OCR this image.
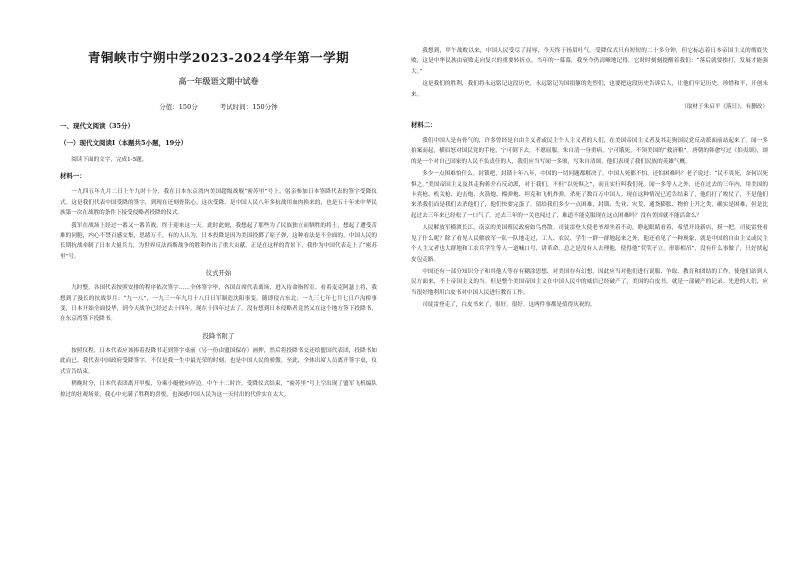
青铜峡市宁朔中学2023-2024学年第一学期
高一年级语文期中试卷
分值：150分 考试时间：150分钟
一、现代文阅读（35分）
（一）现代文阅读Ⅰ（本题共5小题，19分）
阅读下面的文字，完成1-5题。
材料一：
一九四五年九月二日上午九时十分，我在日本东京湾内美国超级战舰“密苏里”号上，躬亲参加日本签降代表的签字受降仪式。这是我们代表中国受降的签字，到现在还刻骨铭心。这次受降，是中国人民八年多抗战用血肉换来的，也是五十年来中华民族第一次在战胜的条件下接受侵略者投降的仪式。
我军在战场上经过一番又一番苦战，终于迎来这一天。此时此刻，我想起了那些为了民族独立而牺牲的将士，想起了遭受苦难的同胞，内心不禁百感交集，思绪万千。有的人认为，日本投降是因为美国投掷了原子弹，这种看法是不全面的，中国人民的长期抗战牵制了日本大量兵力，为世界反法西斯战争的胜利作出了重大贡献。正是在这样的背景下，我作为中国代表走上了“密苏里”号。
仪式开始
九时整，各国代表按照安排的程序依次签字……全体签字毕，各国首席代表离场，进入待命指挥室。看着麦克阿瑟上将，我想到了漫长的抗战岁月：“九一八”，一九三一年九月十八日日军制造沈阳事变，随即侵占东北；一九三七年七月七日卢沟桥事变，日本开始全面侵华，到今天战争已经过去十四年。现在十四年过去了，没有想到日本侵略者竟然又在这个地方签下投降书，在东京湾签下投降书。
投降书附了
按照仪程，日本代表应该捧着投降书走到签字桌前（另一份由盟国保存）画押，然后将投降书交还给盟国代表团，投降书如此而已。我代表中国政府受降签字，不仅是我一生中最光荣的时刻，也是中国人民的骄傲。至此，全体出席人员离开签字桌，仪式宣告结束。
稍晚时分，日本代表团离开甲板，分乘小艇驶向岸边。中午十二时许，受降仪式结束，“密苏里”号上空出现了盟军飞机编队掠过的壮观场景，我心中充满了胜利的喜悦，也深感中国人民为这一天付出的代价实在太大。
我想到，甲午战败以来，中国人民受尽了屈辱，今天终于扬眉吐气。受降仪式只有短短的二十多分钟，但它标志着日本帝国主义的彻底失败，这是中华民族由衰败走向复兴的重要转折点。当年的一幕幕，我至今仍清晰地记得，它时时刻刻提醒着我们：“落后就要挨打，发展才能强大。”
这是我们的胜利，我们将永远铭记这段历史，永远铭记为国捐躯的先烈们，也要把这段历史告诉后人，让他们牢记历史，珍惜和平，开创未来。
（取材于朱启平《落日》，有删改）
材料二：
我们中国人是有骨气的，许多曾经是自由主义者或民主个人主义者的人们，在美国帝国主义者及其走狗国民党反动派面前站起来了。闻一多拍案而起，横眉怒对国民党的手枪，宁可倒下去，不愿屈服。朱自清一身重病，宁可饿死，不领美国的“救济粮”。唐朝的韩愈写过《伯夷颂》，颂的是一个对自己国家的人民不负责任的人，我们应当写闻一多颂，写朱自清颂，他们表现了我们民族的英雄气概。
多少一点困难怕什么。封锁吧，封锁十年八年，中国的一切问题都解决了。中国人死都不怕，还怕困难吗？老子说过：“民不畏死，奈何以死惧之。”美国帝国主义及其走狗蒋介石反动派，对于我们，不但“以死惧之”，而且实行叫我们死。闻一多等人之外，还在过去的三年内，用美国的卡宾枪、机关枪、迫击炮、火箭炮、榴弹炮、坦克和飞机炸弹，杀死了数百万中国人。现在这种情况已近告结束了，他们打了败仗了，不是他们来杀我们而是我们去杀他们了，他们快要完蛋了。留给我们多少一点困难，封锁、失业、灾荒、通货膨胀、物价上升之类，确实是困难，但是比起过去三年来已经松了一口气了。过去三年的一关也闯过了，难道不能克服现在这点困难吗？没有美国就不能活命么？
人民解放军横渡长江，南京的美国殖民政府如鸟兽散。司徒雷登大使老爷却坐着不动，睁起眼睛看着，希望开设新店，捞一把。司徒雷登看见了什么呢？除了看见人民解放军一队一队地走过，工人、农民、学生一群一群地起来之外，他还看见了一种现象，就是中国的自由主义或民主个人主义者也大群地和工农兵学生等人一道喊口号，讲革命。总之是没有人去理他，使得他“茕茕孑立，形影相吊”，没有什么事做了，只好挟起皮包走路。
中国还有一部分知识分子和其他人等存有糊涂思想，对美国存有幻想，因此应当对他们进行说服、争取、教育和团结的工作，使他们站到人民方面来，不上帝国主义的当。但是整个美国帝国主义在中国人民中的威信已经破产了，美国的白皮书，就是一部破产的记录。先进的人们，应当很好地利用白皮书对中国人民进行教育工作。
司徒雷登走了，白皮书来了，很好，很好。这两件事都是值得庆祝的。
